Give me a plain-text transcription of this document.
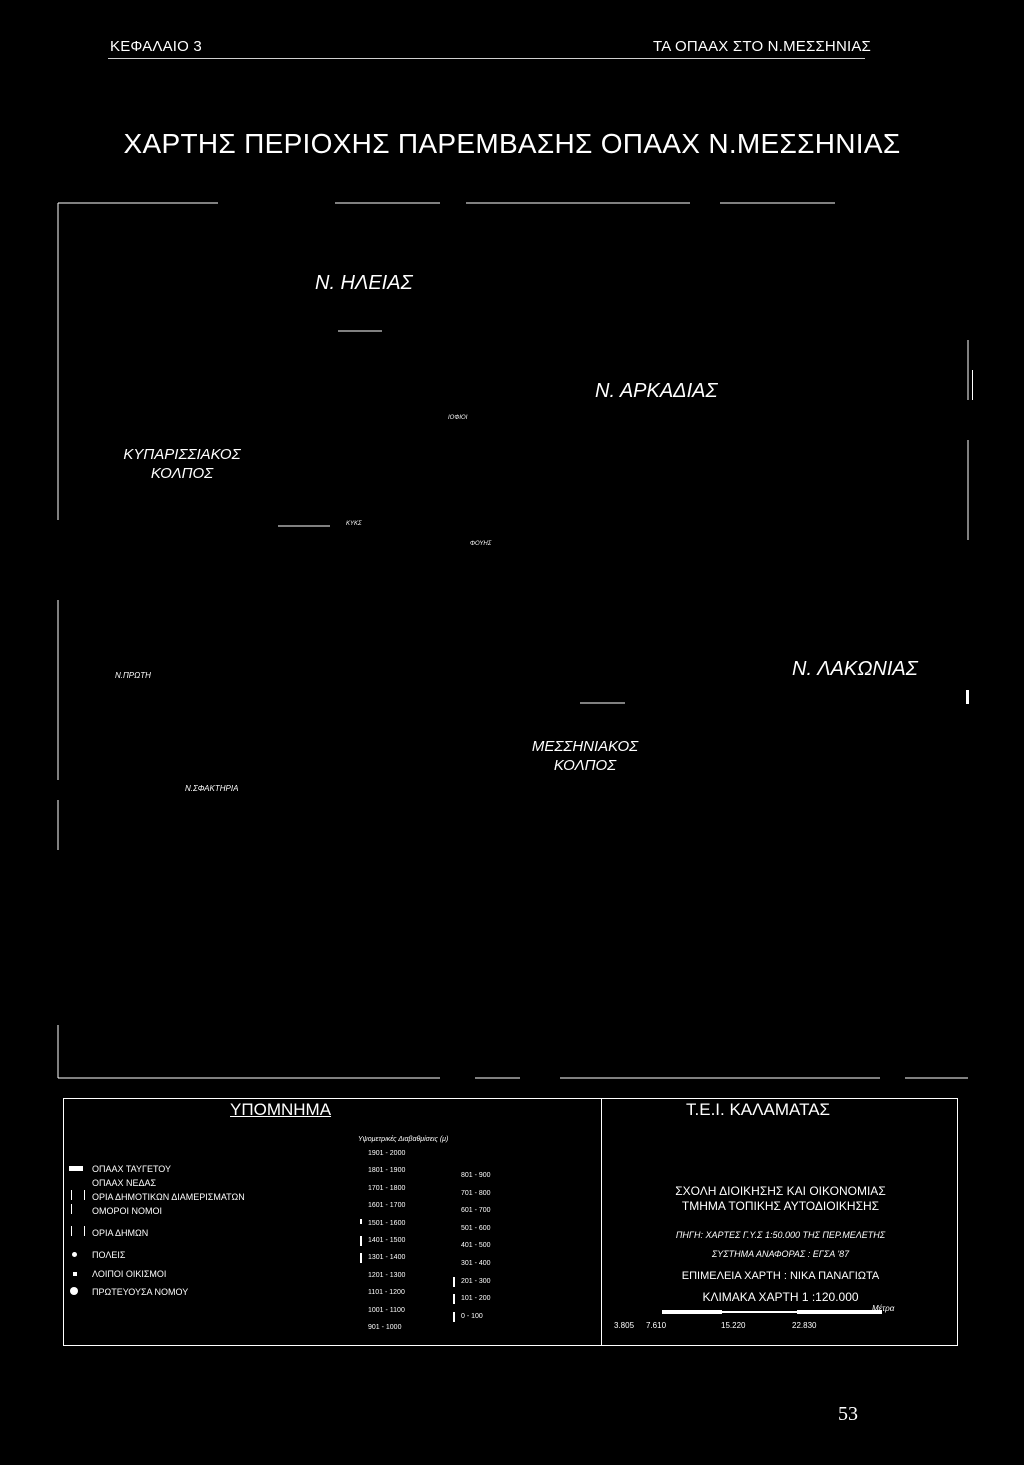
ΚΕΦΑΛΑΙΟ 3	ΤΑ ΟΠΑΑΧ ΣΤΟ Ν.ΜΕΣΣΗΝΙΑΣ
ΧΑΡΤΗΣ ΠΕΡΙΟΧΗΣ ΠΑΡΕΜΒΑΣΗΣ ΟΠΑΑΧ Ν.ΜΕΣΣΗΝΙΑΣ
Ν. ΗΛΕΙΑΣ
Ν. ΑΡΚΑΔΙΑΣ
ΚΥΠΑΡΙΣΣΙΑΚΟΣ
ΚΟΛΠΟΣ
Ν. ΛΑΚΩΝΙΑΣ
ΜΕΣΣΗΝΙΑΚΟΣ
ΚΟΛΠΟΣ
Ν.ΠΡΩΤΗ
Ν.ΣΦΑΚΤΗΡΙΑ
ΙΟΦΙΟΙ
ΚΥΚΣ
ΦΟΥΗΣ
ΥΠΟΜΝΗΜΑ	Τ.Ε.Ι. ΚΑΛΑΜΑΤΑΣ
ΟΠΑΑΧ ΤΑΥΓΕΤΟΥ
ΟΠΑΑΧ ΝΕΔΑΣ
ΟΡΙΑ ΔΗΜΟΤΙΚΩΝ ΔΙΑΜΕΡΙΣΜΑΤΩΝ
ΟΜΟΡΟΙ ΝΟΜΟΙ
ΟΡΙΑ ΔΗΜΩΝ
ΠΟΛΕΙΣ
ΛΟΙΠΟΙ ΟΙΚΙΣΜΟΙ
ΠΡΩΤΕΥΟΥΣΑ ΝΟΜΟΥ
Υψομετρικές Διαβαθμίσεις (μ)
1901 - 2000
1801 - 1900
1701 - 1800
1601 - 1700
1501 - 1600
1401 - 1500
1301 - 1400
1201 - 1300
1101 - 1200
1001 - 1100
901 - 1000
801 - 900
701 - 800
601 - 700
501 - 600
401 - 500
301 - 400
201 - 300
101 - 200
0 - 100
ΣΧΟΛΗ ΔΙΟΙΚΗΣΗΣ ΚΑΙ ΟΙΚΟΝΟΜΙΑΣ
ΤΜΗΜΑ ΤΟΠΙΚΗΣ ΑΥΤΟΔΙΟΙΚΗΣΗΣ
ΠΗΓΗ: ΧΑΡΤΕΣ Γ.Υ.Σ 1:50.000 ΤΗΣ ΠΕΡ.ΜΕΛΕΤΗΣ
ΣΥΣΤΗΜΑ ΑΝΑΦΟΡΑΣ : ΕΓΣΑ '87
ΕΠΙΜΕΛΕΙΑ ΧΑΡΤΗ : ΝΙΚΑ ΠΑΝΑΓΙΩΤΑ
ΚΛΙΜΑΚΑ ΧΑΡΤΗ 1 :120.000
Μέτρα
3.805 7.610	15.220	22.830
53
